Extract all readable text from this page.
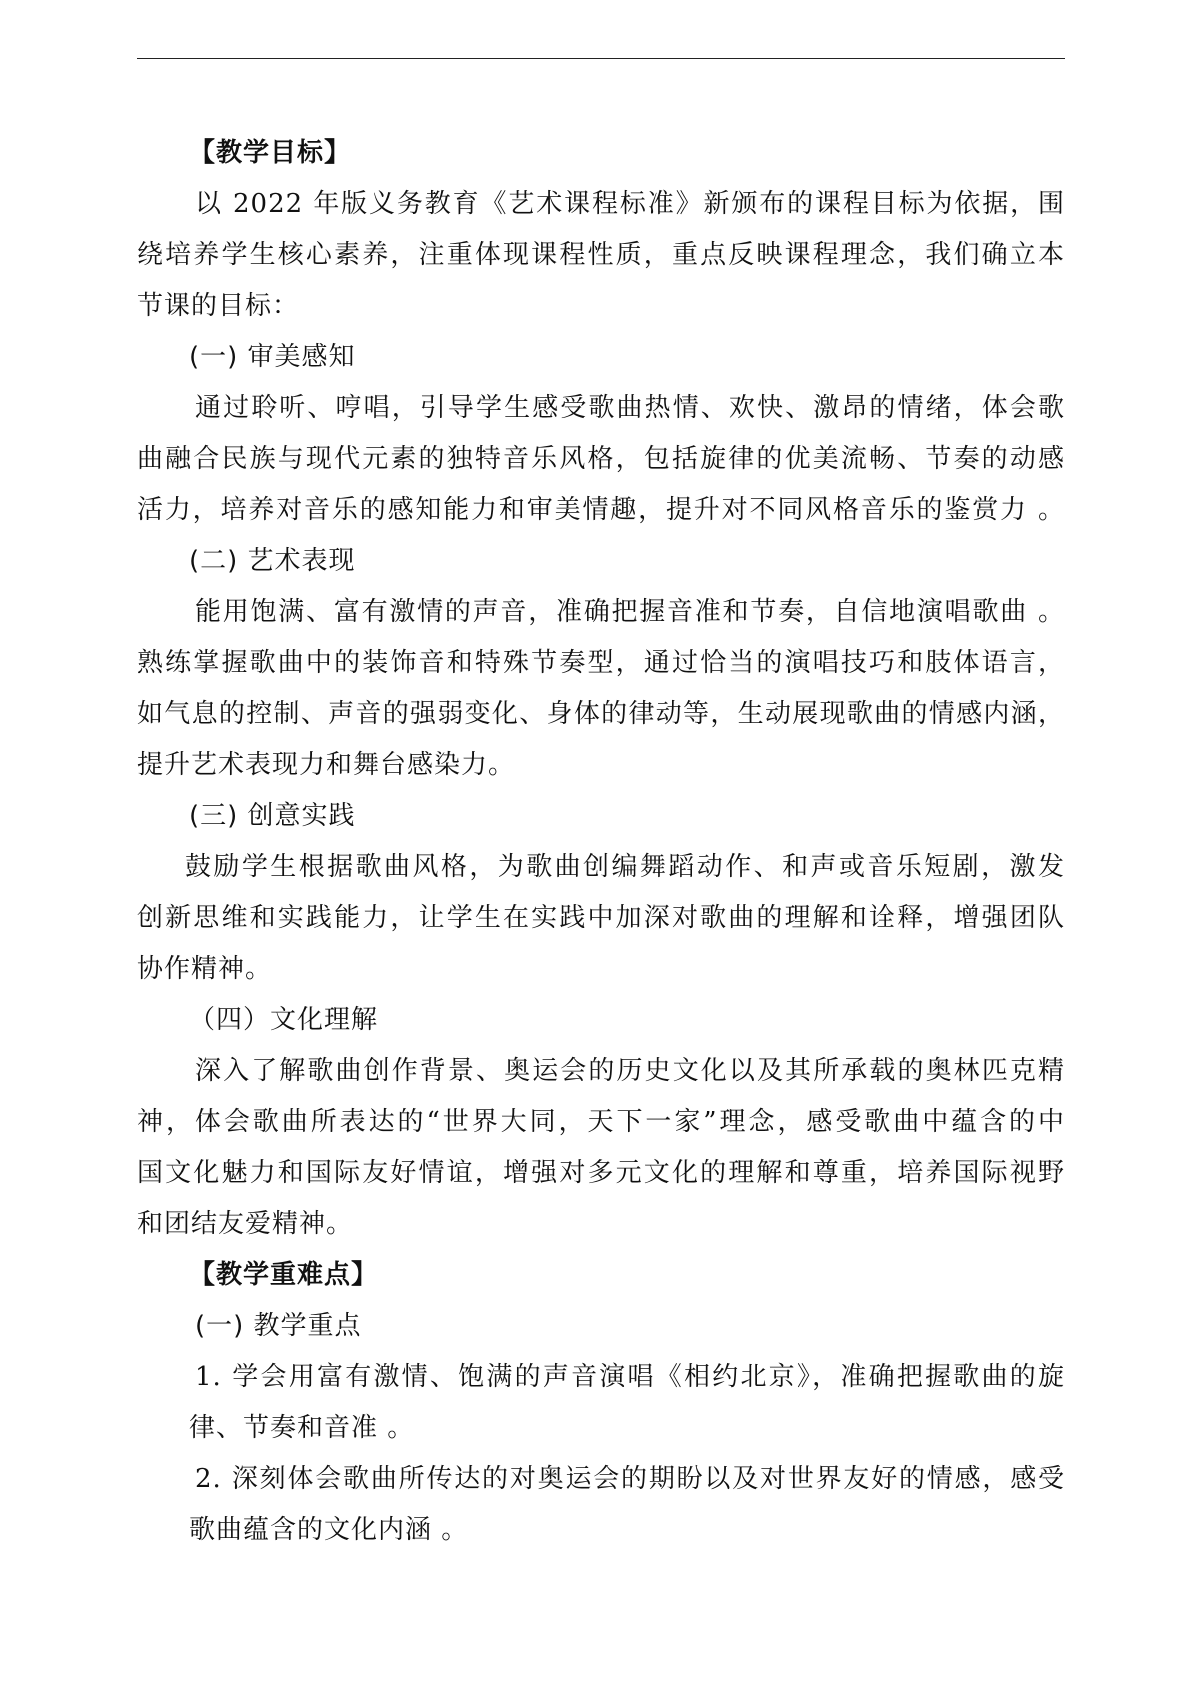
【教学目标】
以 2022 年版义务教育《艺术课程标准》新颁布的课程目标为依据，围
绕培养学生核心素养，注重体现课程性质，重点反映课程理念，我们确立本
节课的目标：
(一) 审美感知
通过聆听、哼唱，引导学生感受歌曲热情、欢快、激昂的情绪，体会歌
曲融合民族与现代元素的独特音乐风格，包括旋律的优美流畅、节奏的动感
活力，培养对音乐的感知能力和审美情趣，提升对不同风格音乐的鉴赏力 。
(二) 艺术表现
能用饱满、富有激情的声音，准确把握音准和节奏，自信地演唱歌曲 。
熟练掌握歌曲中的装饰音和特殊节奏型，通过恰当的演唱技巧和肢体语言，
如气息的控制、声音的强弱变化、身体的律动等，生动展现歌曲的情感内涵，
提升艺术表现力和舞台感染力。
(三) 创意实践
鼓励学生根据歌曲风格，为歌曲创编舞蹈动作、和声或音乐短剧，激发
创新思维和实践能力，让学生在实践中加深对歌曲的理解和诠释，增强团队
协作精神。
（四）文化理解
深入了解歌曲创作背景、奥运会的历史文化以及其所承载的奥林匹克精
神，体会歌曲所表达的“世界大同，天下一家”理念，感受歌曲中蕴含的中
国文化魅力和国际友好情谊，增强对多元文化的理解和尊重，培养国际视野
和团结友爱精神。
【教学重难点】
(一) 教学重点
1. 学会用富有激情、饱满的声音演唱《相约北京》，准确把握歌曲的旋
律、节奏和音准 。
2. 深刻体会歌曲所传达的对奥运会的期盼以及对世界友好的情感，感受
歌曲蕴含的文化内涵 。
